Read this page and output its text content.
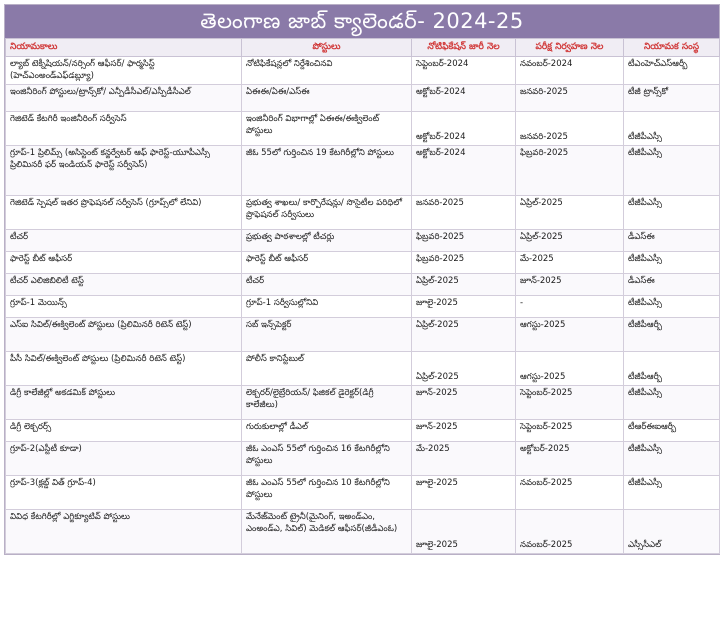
తెలంగాణ జాబ్ క్యాలెండర్- 2024-25
నియామకాలు	పోస్టులు	నోటిఫికేషన్ జారీ నెల	పరీక్ష నిర్వహణ నెల	నియామక సంస్థ
ల్యాబ్ టెక్నీషియన్/నర్సింగ్ ఆఫీసర్/ ఫార్మసిస్ట్ (హెచ్ఎంఅండ్‌ఎఫ్‌డబ్ల్యూ)	నోటిఫికేషన్లలో నిర్దేశించినవి	సెప్టెంబర్-2024	నవంబర్-2024	టీఎంహెచ్ఎస్ఆర్బీ
ఇంజినీరింగ్ పోస్టులు/ట్రాన్స్‌కో/ ఎన్పీడీసీఎల్/ఎస్పీడీసీఎల్	ఏఈఈ/ఏఈ/ఎస్ఈ	అక్టోబర్-2024	జనవరి-2025	టీజీ ట్రాన్స్‌కో
గెజిటెడ్ కేటగిరీ ఇంజినీరింగ్ సర్వీసెస్	ఇంజినీరింగ్ విభాగాల్లో ఏఈఈ/ఈక్విలెంట్ పోస్టులు	అక్టోబర్-2024	జనవరి-2025	టీజీపీఎస్సీ
గ్రూప్-1 ప్రిలిమ్స్ (అసిస్టెంట్ కన్జర్వేటర్ ఆఫ్ ఫారెస్ట్-యూపీఎస్సీ ప్రిలిమినరీ ఫర్ ఇండియన్ ఫారెస్ట్ సర్వీసెస్)	జీఓ 55లో గుర్తించిన 19 కేటగిరీల్లోని పోస్టులు	అక్టోబర్-2024	ఫిబ్రవరి-2025	టీజీపీఎస్సీ
గెజిటెడ్ స్పెషల్ ఇతర ప్రొఫెషనల్ సర్వీసెస్ (గ్రూప్స్‌లో లేనివి)	ప్రభుత్వ శాఖలు/ కార్పొరేషన్లు/ సొసైటీల పరిధిలో ప్రొఫెషనల్ సర్వీసులు	జనవరి-2025	ఏప్రిల్-2025	టీజీపీఎస్సీ
టీచర్	ప్రభుత్వ పాఠశాలల్లో టీచర్లు	ఫిబ్రవరి-2025	ఏప్రిల్-2025	డీఎస్ఈ
ఫారెస్ట్ బీట్ ఆఫీసర్	ఫారెస్ట్ బీట్ ఆఫీసర్	ఫిబ్రవరి-2025	మే-2025	టీజీపీఎస్సీ
టీచర్ ఎలిజిబిలిటీ టెస్ట్	టీచర్	ఏప్రిల్-2025	జూన్-2025	డీఎస్ఈ
గ్రూప్-1 మెయిన్స్	గ్రూప్-1 సర్వీసుల్లోనివి	జూలై-2025	-	టీజీపీఎస్సీ
ఎస్ఐ సివిల్/ఈక్విలెంట్ పోస్టులు (ప్రిలిమినరీ రిటెన్ టెస్ట్)	సబ్ ఇన్స్‌పెక్టర్	ఏప్రిల్-2025	ఆగస్టు-2025	టీజీపీఆర్బీ
పీసీ సివిల్/ఈక్విలెంట్ పోస్టులు (ప్రిలిమినరీ రిటెన్ టెస్ట్)	పోలీస్ కానిస్టేబుల్	ఏప్రిల్-2025	ఆగస్టు-2025	టీజీపీఆర్బీ
డిగ్రీ కాలేజీల్లో అకడమిక్ పోస్టులు	లెక్చరర్/లైబ్రేరియన్/ ఫిజికల్ డైరెక్టర్(డిగ్రీ కాలేజీలు)	జూన్-2025	సెప్టెంబర్-2025	టీజీపీఎస్సీ
డిగ్రీ లెక్చరర్స్	గురుకులాల్లో డీఎల్	జూన్-2025	సెప్టెంబర్-2025	టీఆర్ఈఐఆర్బీ
గ్రూప్-2(ఎస్టీటీ కూడా)	జీఓ ఎంఎస్ 55లో గుర్తించిన 16 కేటగిరీల్లోని పోస్టులు	మే-2025	అక్టోబర్-2025	టీజీపీఎస్సీ
గ్రూప్-3(క్లబ్డ్ విత్ గ్రూప్-4)	జీఓ ఎంఎస్ 55లో గుర్తించిన 10 కేటగిరీల్లోని పోస్టులు	జూలై-2025	నవంబర్-2025	టీజీపీఎస్సీ
వివిధ కేటగిరీల్లో ఎగ్జిక్యూటివ్ పోస్టులు	మేనేజ్‌మెంట్ ట్రైనీ(మైనింగ్, ఇఅండ్ఎం, ఎంఅండ్ఎ, సివిల్) మెడికల్ ఆఫీసర్(జీడీఎంఓ)	జూలై-2025	నవంబర్-2025	ఎస్సీసీఎల్
